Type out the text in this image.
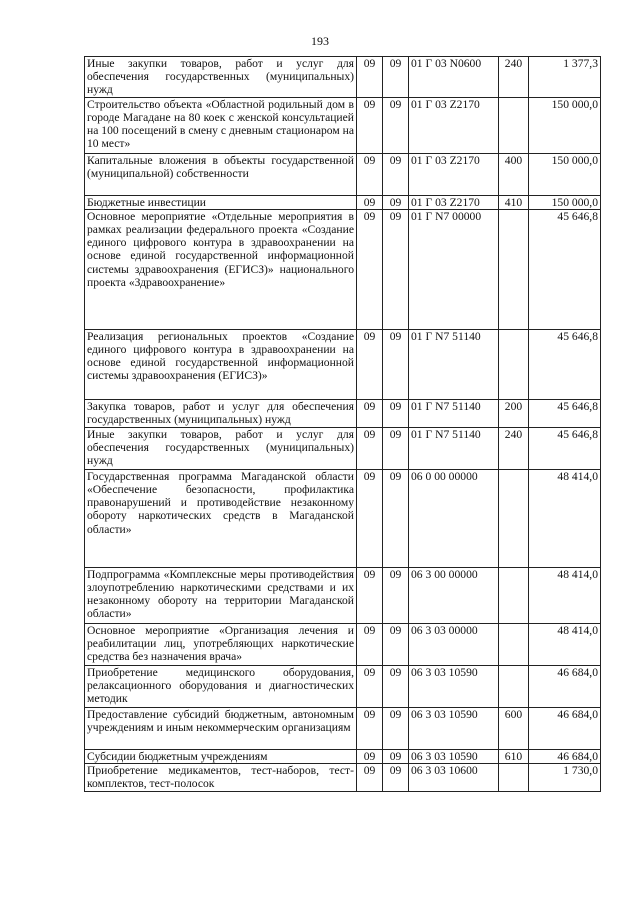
193
Иные закупки товаров, работ и услуг для обеспечения государственных (муниципальных) нужд	09	09	01 Г 03 N0600	240	1 377,3
Строительство объекта «Областной родильный дом в городе Магадане на 80 коек с женской консультацией на 100 посещений в смену с дневным стационаром на 10 мест»	09	09	01 Г 03 Z2170		150 000,0
Капитальные вложения в объекты государственной (муниципальной) собственности	09	09	01 Г 03 Z2170	400	150 000,0
Бюджетные инвестиции	09	09	01 Г 03 Z2170	410	150 000,0
Основное мероприятие «Отдельные мероприятия в рамках реализации федерального проекта «Создание единого цифрового контура в здравоохранении на основе единой государственной информационной системы здравоохранения (ЕГИСЗ)» национального проекта «Здравоохранение»	09	09	01 Г N7 00000		45 646,8
Реализация региональных проектов «Создание единого цифрового контура в здравоохранении на основе единой государственной информационной системы здравоохранения (ЕГИСЗ)»	09	09	01 Г N7 51140		45 646,8
Закупка товаров, работ и услуг для обеспечения государственных (муниципальных) нужд	09	09	01 Г N7 51140	200	45 646,8
Иные закупки товаров, работ и услуг для обеспечения государственных (муниципальных) нужд	09	09	01 Г N7 51140	240	45 646,8
Государственная программа Магаданской области «Обеспечение безопасности, профилактика правонарушений и противодействие незаконному обороту наркотических средств в Магаданской области»	09	09	06 0 00 00000		48 414,0
Подпрограмма «Комплексные меры противодействия злоупотреблению наркотическими средствами и их незаконному обороту на территории Магаданской области»	09	09	06 3 00 00000		48 414,0
Основное мероприятие «Организация лечения и реабилитации лиц, употребляющих наркотические средства без назначения врача»	09	09	06 3 03 00000		48 414,0
Приобретение медицинского оборудования, релаксационного оборудования и диагностических методик	09	09	06 3 03 10590		46 684,0
Предоставление субсидий бюджетным, автономным учреждениям и иным некоммерческим организациям	09	09	06 3 03 10590	600	46 684,0
Субсидии бюджетным учреждениям	09	09	06 3 03 10590	610	46 684,0
Приобретение медикаментов, тест-наборов, тест-комплектов, тест-полосок	09	09	06 3 03 10600		1 730,0
